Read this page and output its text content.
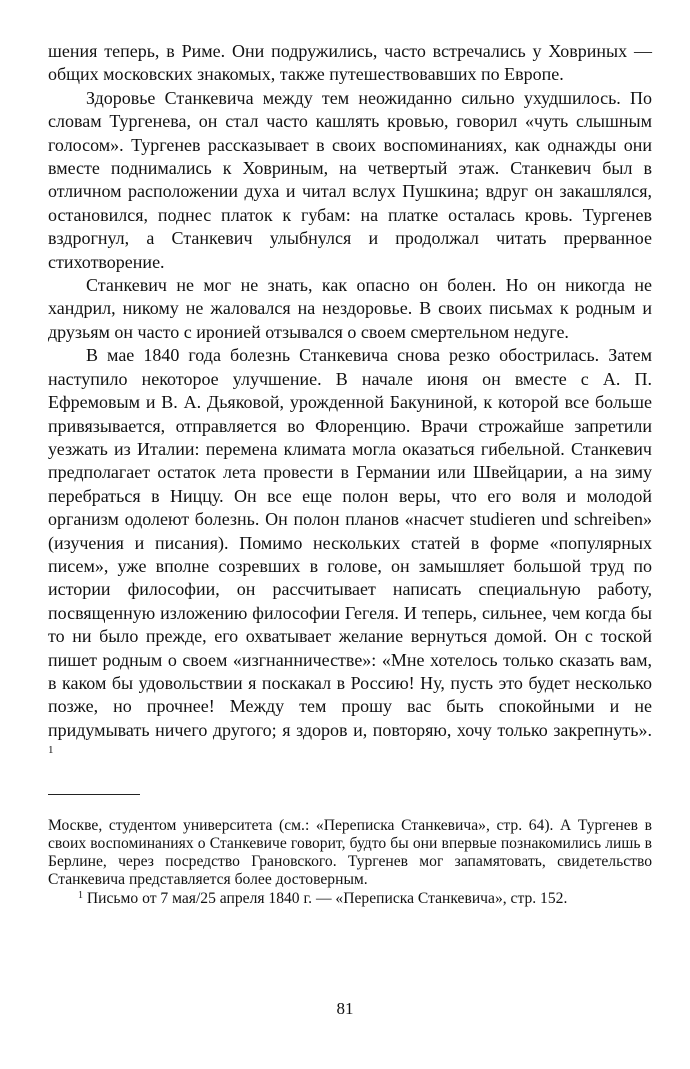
шения теперь, в Риме. Они подружились, часто встречались у Ховриных — общих московских знакомых, также путешествовавших по Европе.

Здоровье Станкевича между тем неожиданно сильно ухудшилось. По словам Тургенева, он стал часто кашлять кровью, говорил «чуть слышным голосом». Тургенев рассказывает в своих воспоминаниях, как однажды они вместе поднимались к Ховриным, на четвертый этаж. Станкевич был в отличном расположении духа и читал вслух Пушкина; вдруг он закашлялся, остановился, поднес платок к губам: на платке осталась кровь. Тургенев вздрогнул, а Станкевич улыбнулся и продолжал читать прерванное стихотворение.

Станкевич не мог не знать, как опасно он болен. Но он никогда не хандрил, никому не жаловался на нездоровье. В своих письмах к родным и друзьям он часто с иронией отзывался о своем смертельном недуге.

В мае 1840 года болезнь Станкевича снова резко обострилась. Затем наступило некоторое улучшение. В начале июня он вместе с А. П. Ефремовым и В. А. Дьяковой, урожденной Бакуниной, к которой все больше привязывается, отправляется во Флоренцию. Врачи строжайше запретили уезжать из Италии: перемена климата могла оказаться гибельной. Станкевич предполагает остаток лета провести в Германии или Швейцарии, а на зиму перебраться в Ниццу. Он все еще полон веры, что его воля и молодой организм одолеют болезнь. Он полон планов «насчет studieren und schreiben» (изучения и писания). Помимо нескольких статей в форме «популярных писем», уже вполне созревших в голове, он замышляет большой труд по истории философии, он рассчитывает написать специальную работу, посвященную изложению философии Гегеля. И теперь, сильнее, чем когда бы то ни было прежде, его охватывает желание вернуться домой. Он с тоской пишет родным о своем «изгнанничестве»: «Мне хотелось только сказать вам, в каком бы удовольствии я поскакал в Россию! Ну, пусть это будет несколько позже, но прочнее! Между тем прошу вас быть спокойными и не придумывать ничего другого; я здоров и, повторяю, хочу только закрепнуть». $^1$

Москве, студентом университета (см.: «Переписка Станкевича», стр. 64). А Тургенев в своих воспоминаниях о Станкевиче говорит, будто бы они впервые познакомились лишь в Берлине, через посредство Грановского. Тургенев мог запамятовать, свидетельство Станкевича представляется более достоверным.

$^1$ Письмо от 7 мая/25 апреля 1840 г. — «Переписка Станкевича», стр. 152.

81
